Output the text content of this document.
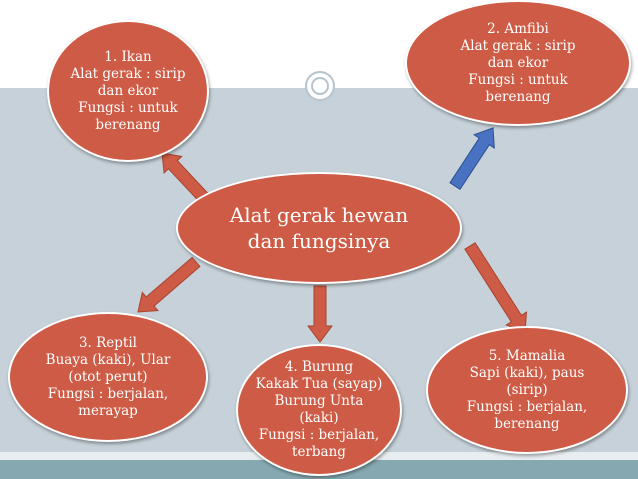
Alat gerak hewan
dan fungsinya
1. Ikan
Alat gerak : sirip
dan ekor
Fungsi : untuk
berenang
2. Amfibi
Alat gerak : sirip
dan ekor
Fungsi : untuk
berenang
3. Reptil
Buaya (kaki), Ular
(otot perut)
Fungsi : berjalan,
merayap
4. Burung
Kakak Tua (sayap)
Burung Unta
(kaki)
Fungsi : berjalan,
terbang
5. Mamalia
Sapi (kaki), paus
(sirip)
Fungsi : berjalan,
berenang
